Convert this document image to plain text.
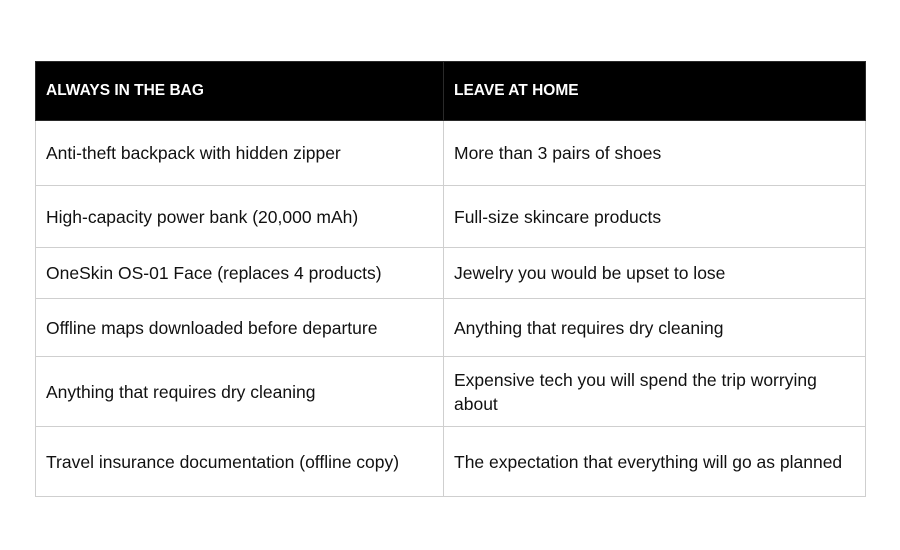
ALWAYS IN THE BAG	LEAVE AT HOME
Anti-theft backpack with hidden zipper	More than 3 pairs of shoes
High-capacity power bank (20,000 mAh)	Full-size skincare products
OneSkin OS-01 Face (replaces 4 products)	Jewelry you would be upset to lose
Offline maps downloaded before departure	Anything that requires dry cleaning
Anything that requires dry cleaning	Expensive tech you will spend the trip worrying about
Travel insurance documentation (offline copy)	The expectation that everything will go as planned
